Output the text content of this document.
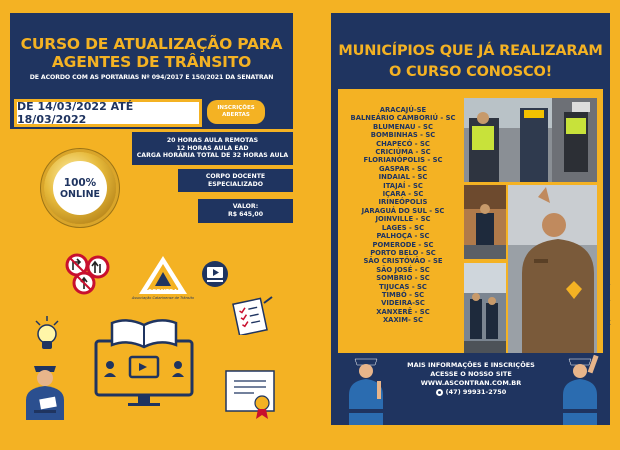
CURSO DE ATUALIZAÇÃO PARA
AGENTES DE TRÂNSITO
DE ACORDO COM AS PORTARIAS Nº 094/2017 E 150/2021 DA SENATRAN
DE 14/03/2022 ATÉ 18/03/2022
INSCRIÇÕES
ABERTAS
20 HORAS AULA REMOTAS
12 HORAS AULA EAD
CARGA HORÁRIA TOTAL DE 32 HORAS AULA
CORPO DOCENTE
ESPECIALIZADO
VALOR:
R$ 645,00
100%
ONLINE
ASCONTRAN
Associação Catarinense de Trânsito
MUNICÍPIOS QUE JÁ REALIZARAM
O CURSO CONOSCO!
ARACAJÚ-SE
BALNEÁRIO CAMBORIÚ - SC
BLUMENAU - SC
BOMBINHAS - SC
CHAPECÓ - SC
CRICIÚMA - SC
FLORIANÓPOLIS - SC
GASPAR - SC
INDAIAL - SC
ITAJAÍ - SC
IÇARA - SC
IRINEÓPOLIS
JARAGUÁ DO SUL - SC
JOINVILLE - SC
LAGES - SC
PALHOÇA - SC
POMERODE - SC
PORTO BELO - SC
SÃO CRISTÓVÃO - SE
SÃO JOSÉ - SC
SOMBRIO - SC
TIJUCAS - SC
TIMBÓ - SC
VIDEIRA-SC
XANXERÊ - SC
XAXIM- SC	(C) · ALFUDEL/PIXABAY/ADOBE STOCK
MAIS INFORMAÇÕES E INSCRIÇÕES
ACESSE O NOSSO SITE
WWW.ASCONTRAN.COM.BR
(47) 99931-2750
